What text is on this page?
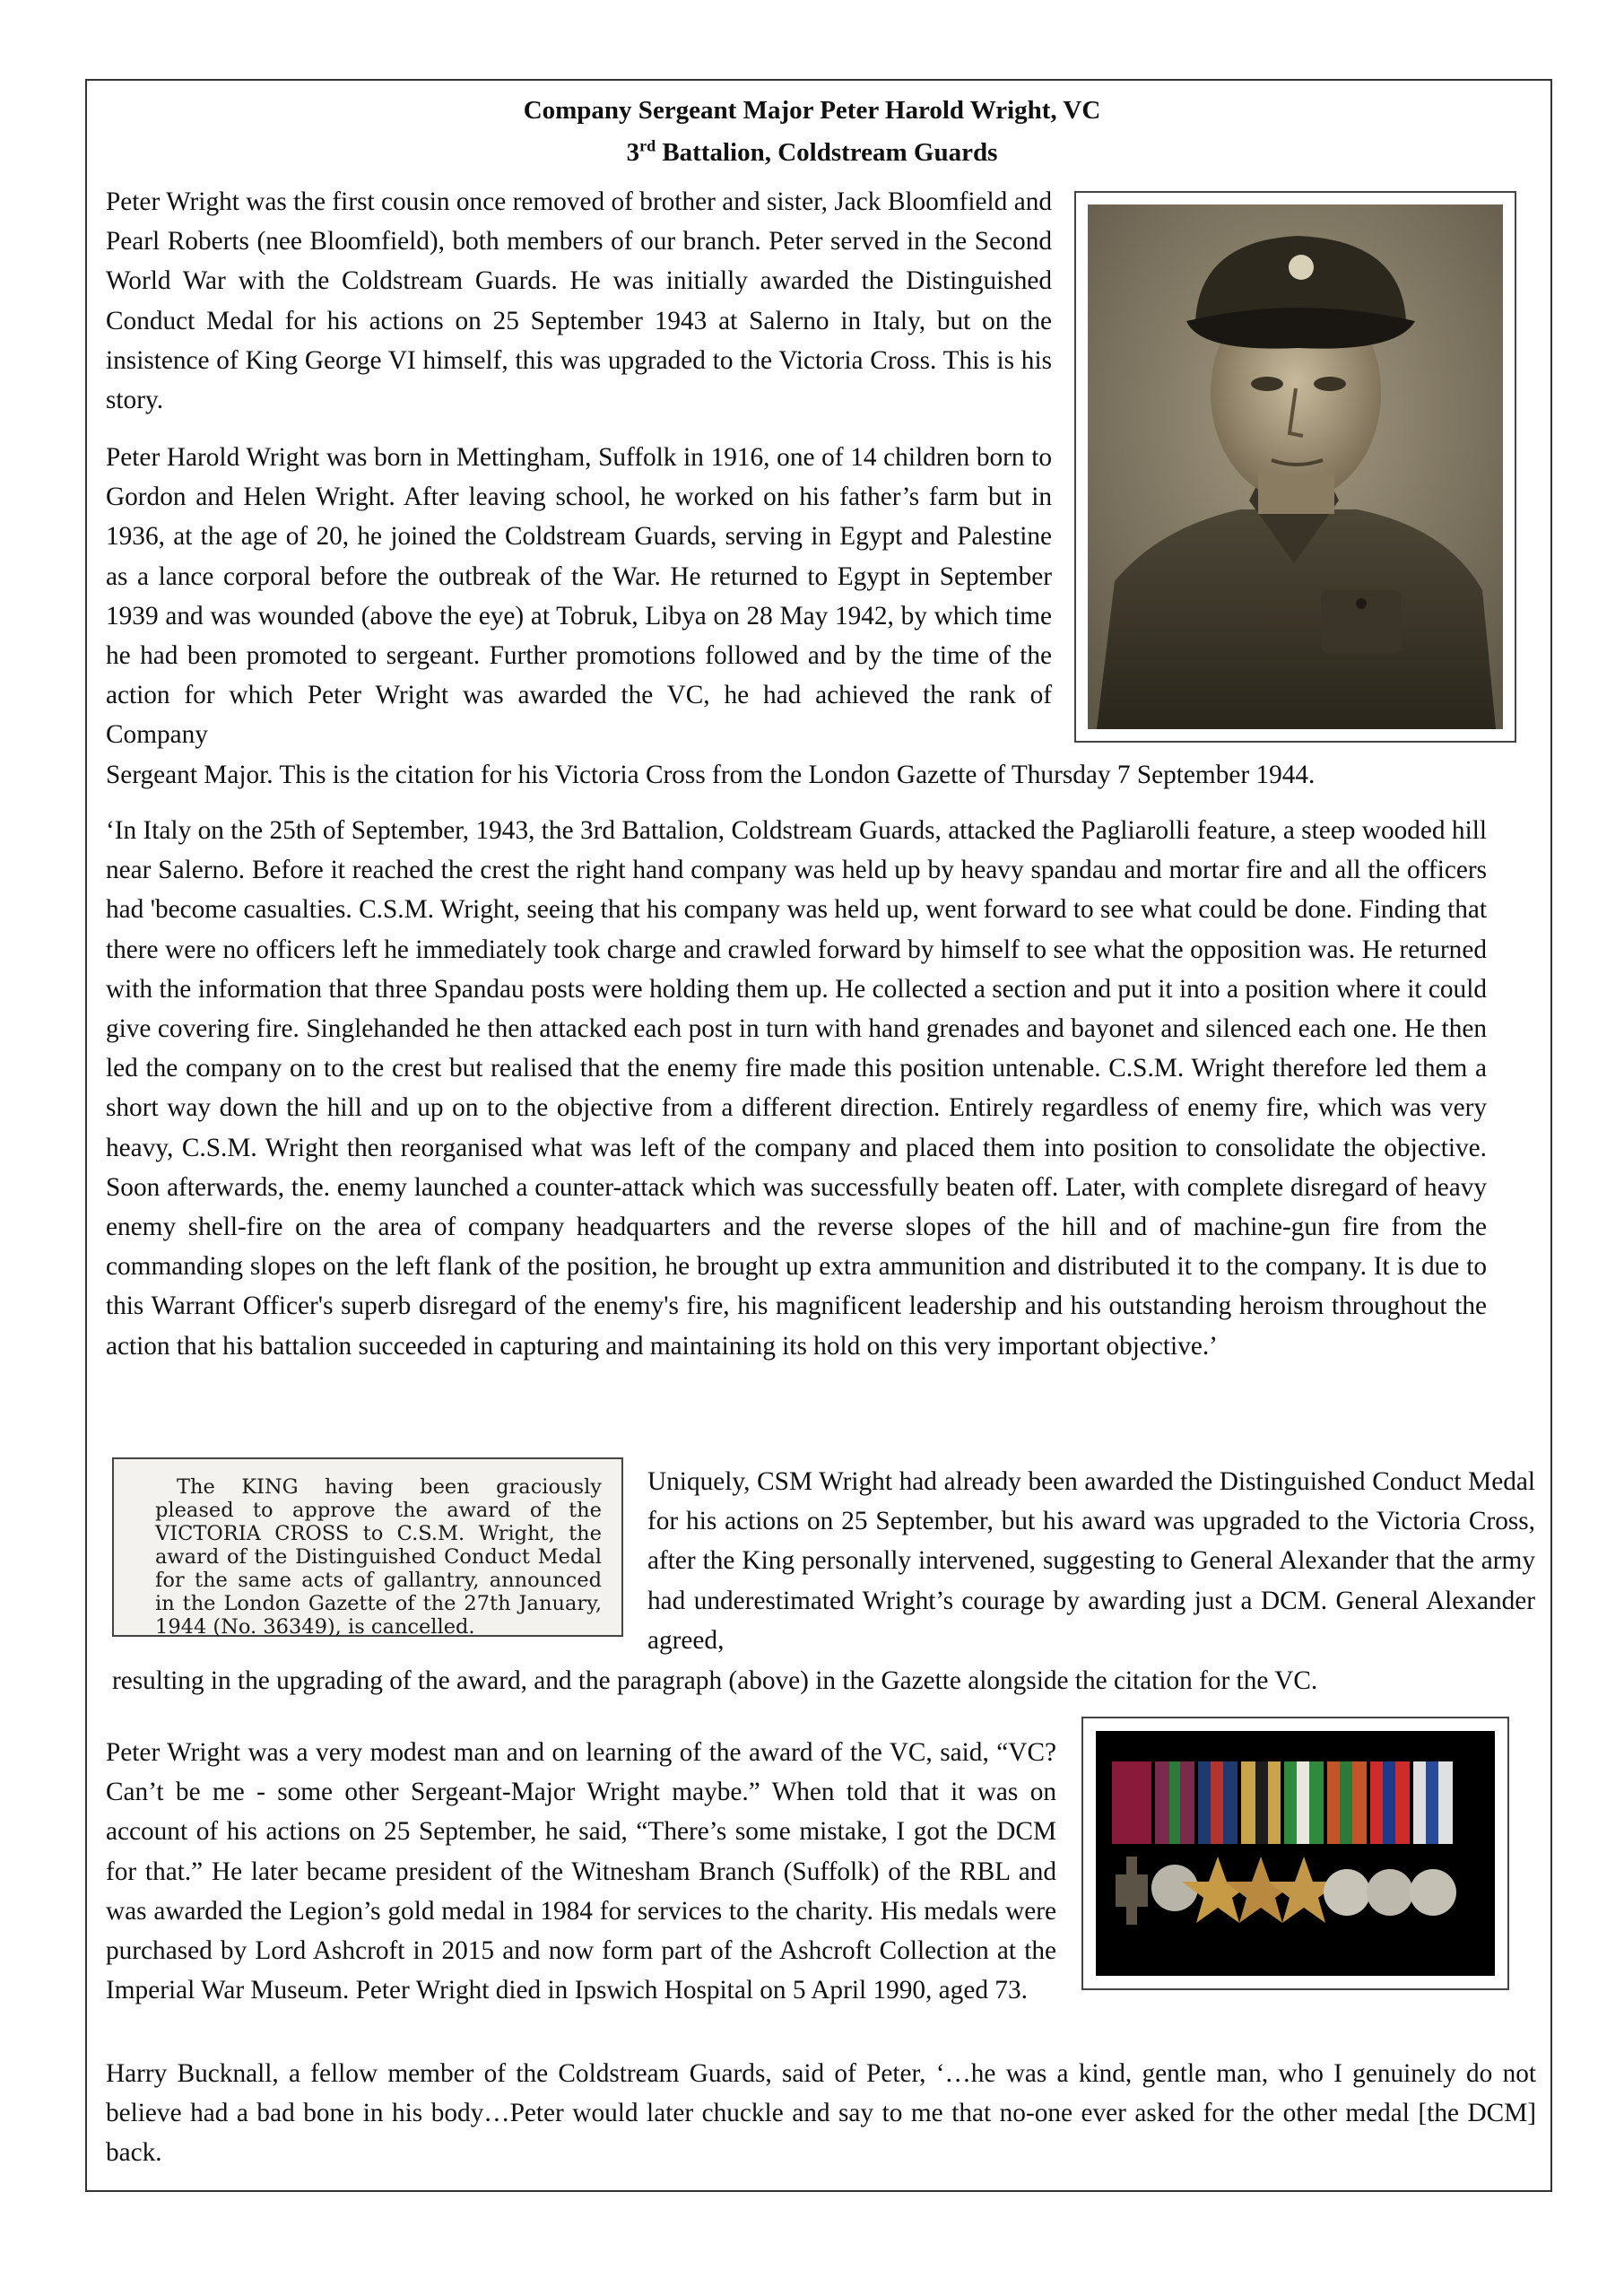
Company Sergeant Major Peter Harold Wright, VC
3rd Battalion, Coldstream Guards

Peter Wright was the first cousin once removed of brother and sister, Jack Bloomfield and Pearl Roberts (nee Bloomfield), both members of our branch. Peter served in the Second World War with the Coldstream Guards. He was initially awarded the Distinguished Conduct Medal for his actions on 25 September 1943 at Salerno in Italy, but on the insistence of King George VI himself, this was upgraded to the Victoria Cross. This is his story.

Peter Harold Wright was born in Mettingham, Suffolk in 1916, one of 14 children born to Gordon and Helen Wright. After leaving school, he worked on his father’s farm but in 1936, at the age of 20, he joined the Coldstream Guards, serving in Egypt and Palestine as a lance corporal before the outbreak of the War. He returned to Egypt in September 1939 and was wounded (above the eye) at Tobruk, Libya on 28 May 1942, by which time he had been promoted to sergeant. Further promotions followed and by the time of the action for which Peter Wright was awarded the VC, he had achieved the rank of Company

Sergeant Major. This is the citation for his Victoria Cross from the London Gazette of Thursday 7 September 1944.

‘In Italy on the 25th of September, 1943, the 3rd Battalion, Coldstream Guards, attacked the Pagliarolli feature, a steep wooded hill near Salerno. Before it reached the crest the right hand company was held up by heavy spandau and mortar fire and all the officers had 'become casualties. C.S.M. Wright, seeing that his company was held up, went forward to see what could be done. Finding that there were no officers left he immediately took charge and crawled forward by himself to see what the opposition was. He returned with the information that three Spandau posts were holding them up. He collected a section and put it into a position where it could give covering fire. Singlehanded he then attacked each post in turn with hand grenades and bayonet and silenced each one. He then led the company on to the crest but realised that the enemy fire made this position untenable. C.S.M. Wright therefore led them a short way down the hill and up on to the objective from a different direction. Entirely regardless of enemy fire, which was very heavy, C.S.M. Wright then reorganised what was left of the company and placed them into position to consolidate the objective. Soon afterwards, the. enemy launched a counter-attack which was successfully beaten off. Later, with complete disregard of heavy enemy shell-fire on the area of company headquarters and the reverse slopes of the hill and of machine-gun fire from the commanding slopes on the left flank of the position, he brought up extra ammunition and distributed it to the company. It is due to this Warrant Officer's superb disregard of the enemy's fire, his magnificent leadership and his outstanding heroism throughout the action that his battalion succeeded in capturing and maintaining its hold on this very important objective.’

The KING having been graciously pleased to approve the award of the VICTORIA CROSS to C.S.M. Wright, the award of the Distinguished Conduct Medal for the same acts of gallantry, announced in the London Gazette of the 27th January, 1944 (No. 36349), is cancelled.

Uniquely, CSM Wright had already been awarded the Distinguished Conduct Medal for his actions on 25 September, but his award was upgraded to the Victoria Cross, after the King personally intervened, suggesting to General Alexander that the army had underestimated Wright’s courage by awarding just a DCM. General Alexander agreed,

resulting in the upgrading of the award, and the paragraph (above) in the Gazette alongside the citation for the VC.

Peter Wright was a very modest man and on learning of the award of the VC, said, “VC? Can’t be me - some other Sergeant-Major Wright maybe.” When told that it was on account of his actions on 25 September, he said, “There’s some mistake, I got the DCM for that.” He later became president of the Witnesham Branch (Suffolk) of the RBL and was awarded the Legion’s gold medal in 1984 for services to the charity. His medals were purchased by Lord Ashcroft in 2015 and now form part of the Ashcroft Collection at the Imperial War Museum. Peter Wright died in Ipswich Hospital on 5 April 1990, aged 73.

Harry Bucknall, a fellow member of the Coldstream Guards, said of Peter, ‘…he was a kind, gentle man, who I genuinely do not believe had a bad bone in his body…Peter would later chuckle and say to me that no-one ever asked for the other medal [the DCM] back.
